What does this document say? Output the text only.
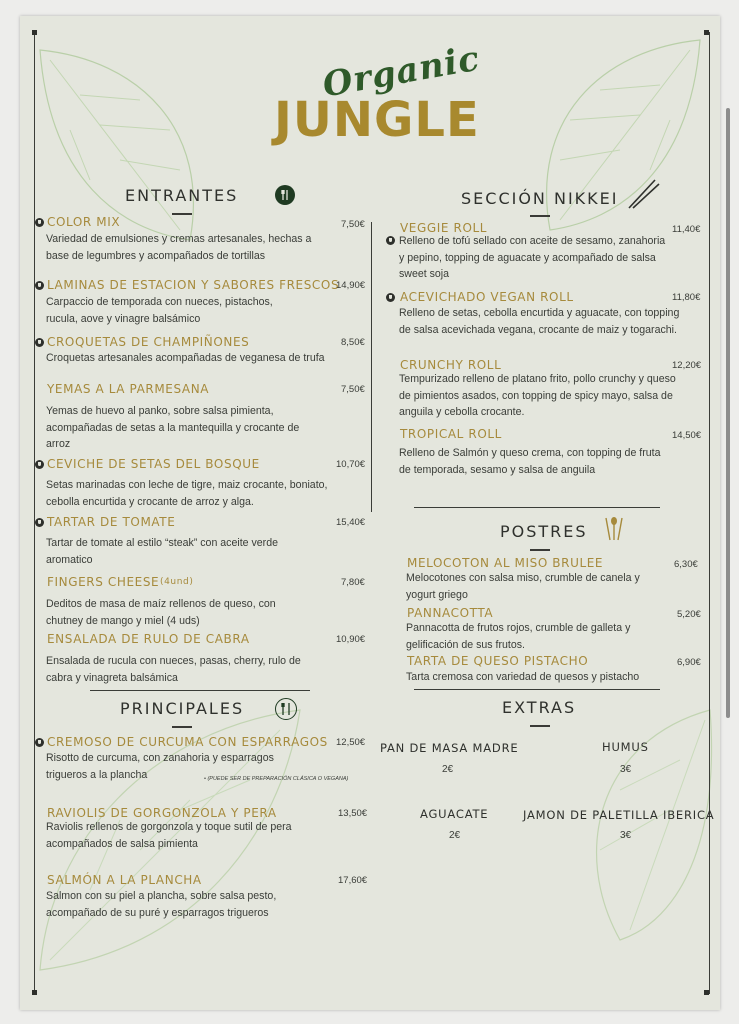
Organic
JUNGLE
ENTRANTES
COLOR MIX	7,50€
Variedad de emulsiones y cremas artesanales, hechas a base de legumbres y acompañados de tortillas
LAMINAS DE ESTACION Y SABORES FRESCOS
14,90€
Carpaccio de temporada con nueces, pistachos, rucula, aove y vinagre balsámico
CROQUETAS DE CHAMPIÑONES	8,50€
Croquetas artesanales acompañadas de veganesa de trufa
YEMAS A LA PARMESANA	7,50€
Yemas de huevo al panko, sobre salsa pimienta, acompañadas de setas a la mantequilla y crocante de arroz
CEVICHE DE SETAS DEL BOSQUE	10,70€
Setas marinadas con leche de tigre, maiz crocante, boniato, cebolla encurtida y crocante de arroz y alga.
TARTAR DE TOMATE	15,40€
Tartar de tomate al estilo “steak” con aceite verde aromatico
FINGERS CHEESE (4und)	7,80€
Deditos de masa de maíz rellenos de queso, con chutney de mango y miel (4 uds)
ENSALADA DE RULO DE CABRA	10,90€
Ensalada de rucula con nueces, pasas, cherry, rulo de cabra y vinagreta balsámica
PRINCIPALES
CREMOSO DE CURCUMA CON ESPARRAGOS 12,50€
Risotto de curcuma, con zanahoria y esparragos trigueros a la plancha	• (PUEDE SER DE PREPARACIÓN CLÁSICA O VEGANA)
RAVIOLIS DE GORGONZOLA Y PERA	13,50€
Raviolis rellenos de gorgonzola y toque sutil de pera acompañados de salsa pimienta
SALMÓN A LA PLANCHA	17,60€
Salmon con su piel a plancha, sobre salsa pesto, acompañado de su puré y esparragos trigueros
SECCIÓN NIKKEI
VEGGIE ROLL	11,40€
Relleno de tofú sellado con aceite de sesamo, zanahoria y pepino, topping de aguacate y acompañado de salsa sweet soja
ACEVICHADO VEGAN ROLL	11,80€
Relleno de setas, cebolla encurtida y aguacate, con topping de salsa acevichada vegana, crocante de maiz y togarachi.
CRUNCHY ROLL	12,20€
Tempurizado relleno de platano frito, pollo crunchy y queso de pimientos asados, con topping de spicy mayo, salsa de anguila y cebolla crocante.
TROPICAL ROLL	14,50€
Relleno de Salmón y queso crema, con topping de fruta de temporada, sesamo y salsa de anguila
POSTRES
MELOCOTON AL MISO BRULEE	6,30€
Melocotones con salsa miso, crumble de canela y yogurt griego
PANNACOTTA	5,20€
Pannacotta de frutos rojos, crumble de galleta y gelificación de sus frutos.
TARTA DE QUESO PISTACHO	6,90€
Tarta cremosa con variedad de quesos y pistacho
EXTRAS
PAN DE MASA MADRE
2€
HUMUS
3€
AGUACATE
2€
JAMON DE PALETILLA IBERICA
3€
